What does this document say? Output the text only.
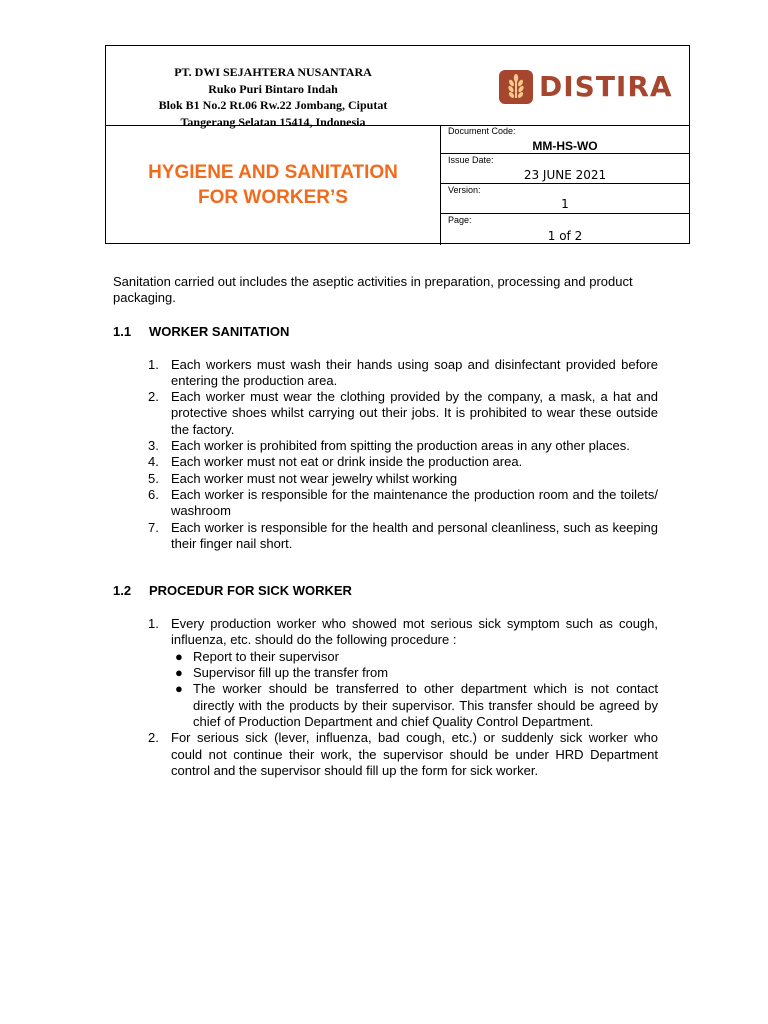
PT. DWI SEJAHTERA NUSANTARA
Ruko Puri Bintaro Indah
Blok B1 No.2 Rt.06 Rw.22 Jombang, Ciputat
Tangerang Selatan 15414, Indonesia
DISTIRA
HYGIENE AND SANITATION
FOR WORKER’S
Document Code:
MM-HS-WO
Issue Date:
23 JUNE 2021
Version:
1
Page:
1 of 2

Sanitation carried out includes the aseptic activities in preparation, processing and product packaging.

1.1 WORKER SANITATION
1. Each workers must wash their hands using soap and disinfectant provided before entering the production area.
2. Each worker must wear the clothing provided by the company, a mask, a hat and protective shoes whilst carrying out their jobs. It is prohibited to wear these outside the factory.
3. Each worker is prohibited from spitting the production areas in any other places.
4. Each worker must not eat or drink inside the production area.
5. Each worker must not wear jewelry whilst working
6. Each worker is responsible for the maintenance the production room and the toilets/ washroom
7. Each worker is responsible for the health and personal cleanliness, such as keeping their finger nail short.
1.2 PROCEDUR FOR SICK WORKER
1. Every production worker who showed mot serious sick symptom such as cough, influenza, etc. should do the following procedure :
● Report to their supervisor
● Supervisor fill up the transfer from
● The worker should be transferred to other department which is not contact directly with the products by their supervisor. This transfer should be agreed by chief of Production Department and chief Quality Control Department.
2. For serious sick (lever, influenza, bad cough, etc.) or suddenly sick worker who could not continue their work, the supervisor should be under HRD Department control and the supervisor should fill up the form for sick worker.
